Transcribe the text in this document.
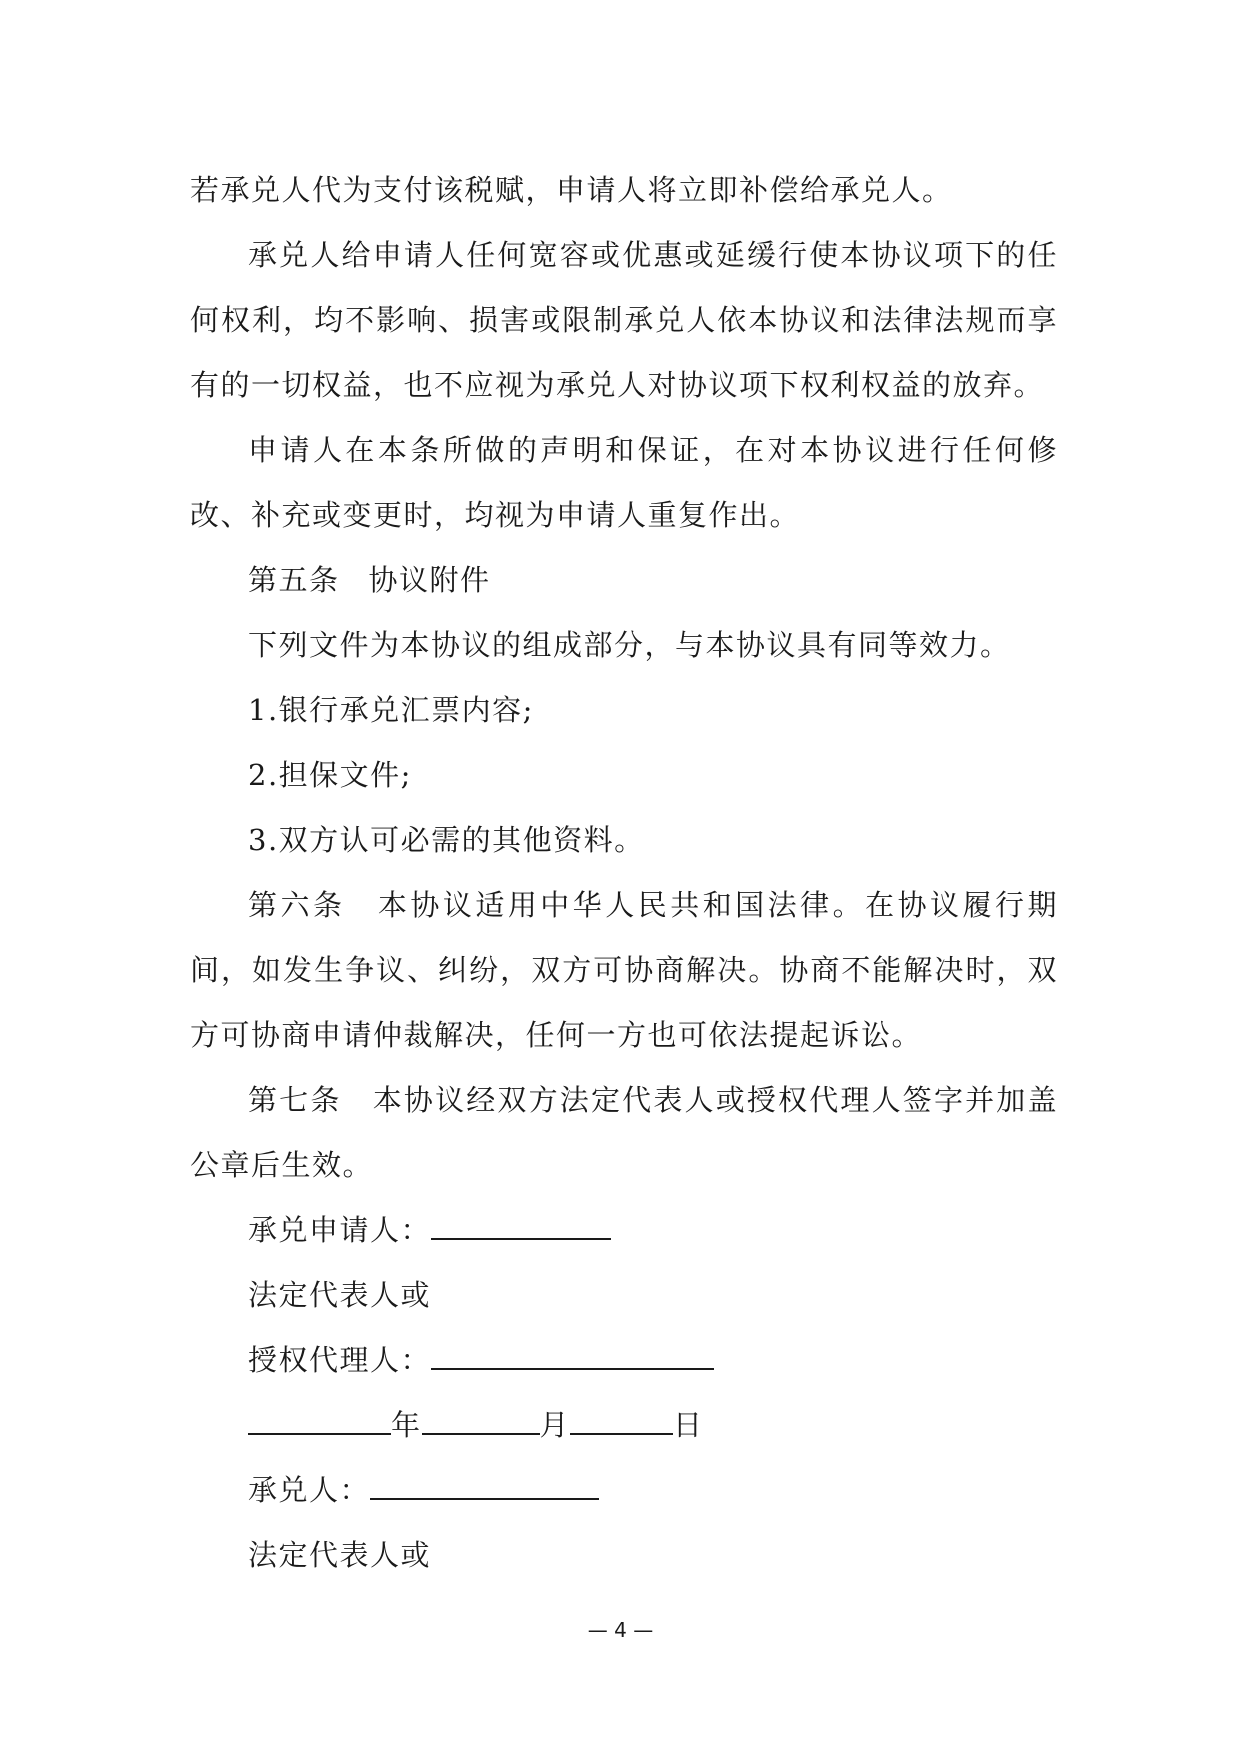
若承兑人代为支付该税赋，申请人将立即补偿给承兑人。

承兑人给申请人任何宽容或优惠或延缓行使本协议项下的任何权利，均不影响、损害或限制承兑人依本协议和法律法规而享有的一切权益，也不应视为承兑人对协议项下权利权益的放弃。

申请人在本条所做的声明和保证，在对本协议进行任何修改、补充或变更时，均视为申请人重复作出。

第五条 协议附件

下列文件为本协议的组成部分，与本协议具有同等效力。

1.银行承兑汇票内容;

2.担保文件;

3.双方认可必需的其他资料。

第六条　本协议适用中华人民共和国法律。在协议履行期间，如发生争议、纠纷，双方可协商解决。协商不能解决时，双方可协商申请仲裁解决，任何一方也可依法提起诉讼。

第七条　本协议经双方法定代表人或授权代理人签字并加盖公章后生效。

承兑申请人：

法定代表人或

授权代理人：

年	月	日

承兑人：

法定代表人或

— 4 —
